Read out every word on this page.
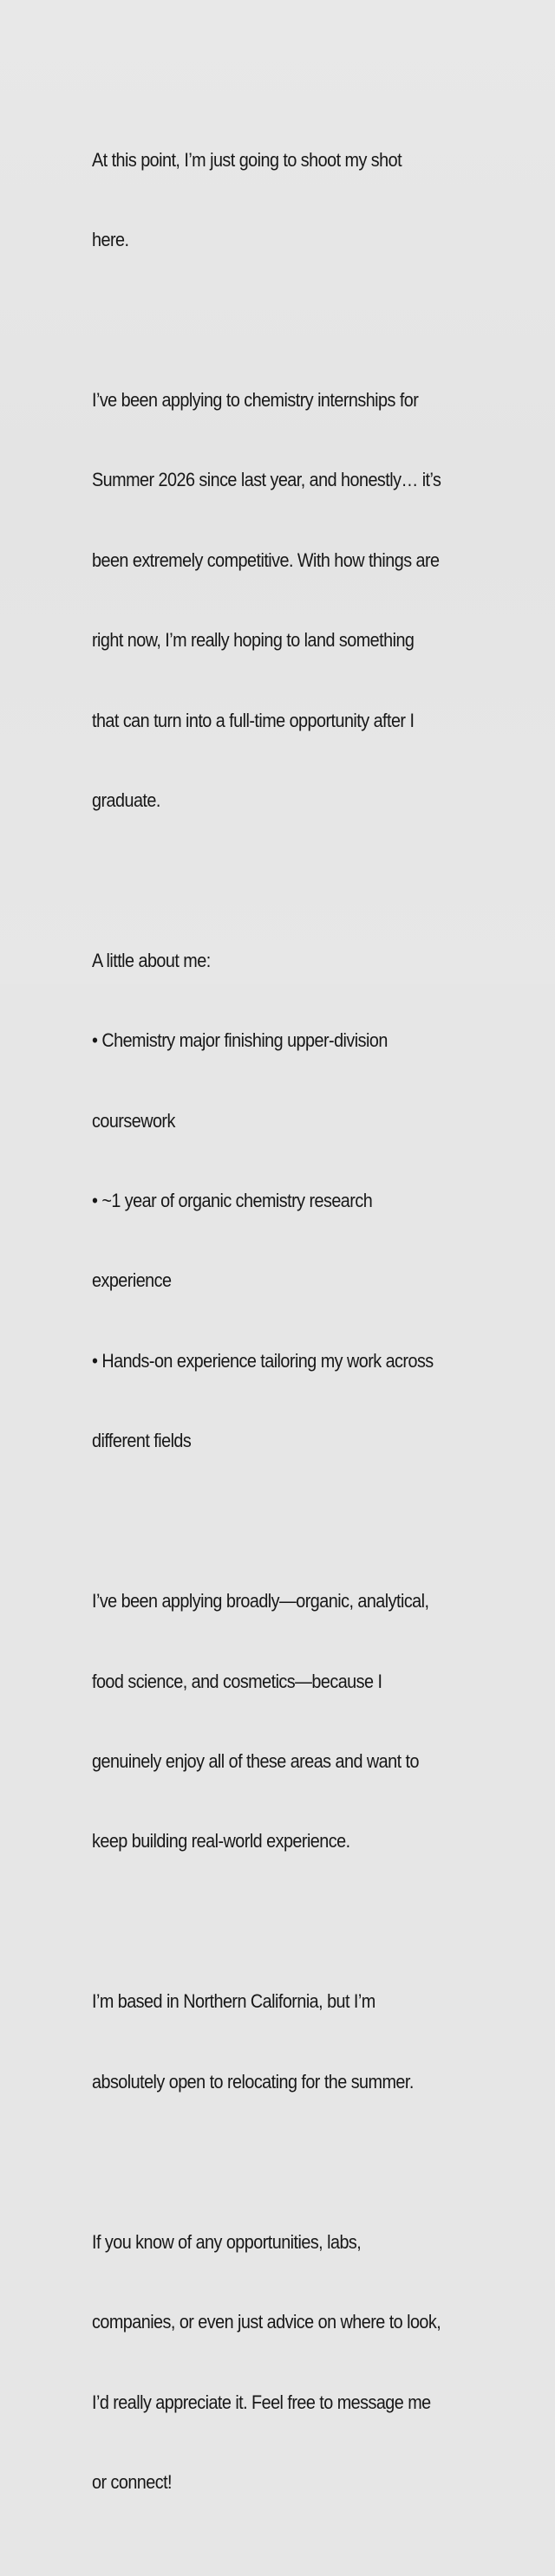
At this point, I’m just going to shoot my shot

here.

I’ve been applying to chemistry internships for

Summer 2026 since last year, and honestly… it’s

been extremely competitive. With how things are

right now, I’m really hoping to land something

that can turn into a full-time opportunity after I

graduate.

A little about me:

• Chemistry major finishing upper-division

coursework

• ~1 year of organic chemistry research

experience

• Hands-on experience tailoring my work across

different fields

I’ve been applying broadly—organic, analytical,

food science, and cosmetics—because I

genuinely enjoy all of these areas and want to

keep building real-world experience.

I’m based in Northern California, but I’m

absolutely open to relocating for the summer.

If you know of any opportunities, labs,

companies, or even just advice on where to look,

I’d really appreciate it. Feel free to message me

or connect!
